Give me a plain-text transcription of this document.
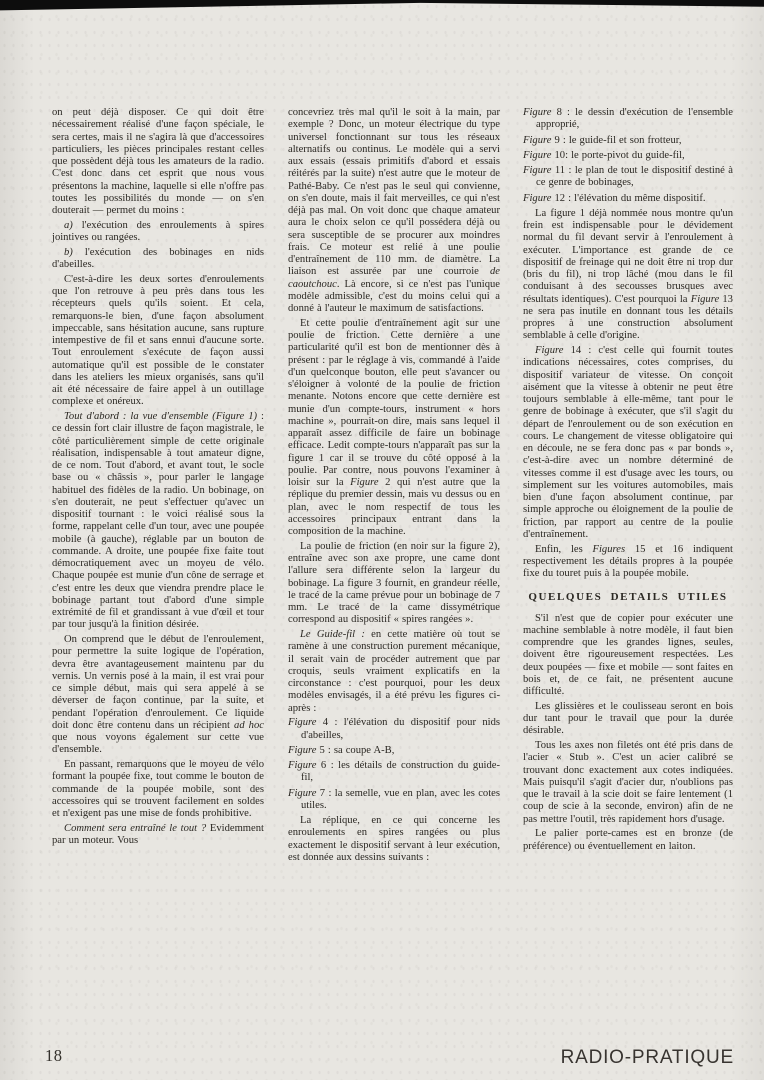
on peut déjà disposer. Ce qui doit être nécessairement réalisé d'une façon spéciale, le sera certes, mais il ne s'agira là que d'accessoires particuliers, les pièces principales restant celles que possèdent déjà tous les amateurs de la radio. C'est donc dans cet esprit que nous vous présentons la machine, laquelle si elle n'offre pas toutes les possibilités du monde — on s'en douterait — permet du moins :

a) l'exécution des enroulements à spires jointives ou rangées.

b) l'exécution des bobinages en nids d'abeilles.

C'est-à-dire les deux sortes d'enroulements que l'on retrouve à peu près dans tous les récepteurs quels qu'ils soient. Et cela, remarquons-le bien, d'une façon absolument impeccable, sans hésitation aucune, sans rupture intempestive de fil et sans ennui d'aucune sorte. Tout enroulement s'exécute de façon aussi automatique qu'il est possible de le constater dans les ateliers les mieux organisés, sans qu'il ait été nécessaire de faire appel à un outillage complexe et onéreux.

Tout d'abord : la vue d'ensemble (Figure 1) : ce dessin fort clair illustre de façon magistrale, le côté particulièrement simple de cette originale réalisation, indispensable à tout amateur digne, de ce nom. Tout d'abord, et avant tout, le socle base ou « châssis », pour parler le langage habituel des fidèles de la radio. Un bobinage, on s'en douterait, ne peut s'effectuer qu'avec un dispositif tournant : le voici réalisé sous la forme, rappelant celle d'un tour, avec une poupée mobile (à gauche), réglable par un bouton de commande. A droite, une poupée fixe faite tout démocratiquement avec un moyeu de vélo. Chaque poupée est munie d'un cône de serrage et c'est entre les deux que viendra prendre place le bobinage partant tout d'abord d'une simple extrémité de fil et grandissant à vue d'œil et tour par tour jusqu'à la finition désirée.

On comprend que le début de l'enroulement, pour permettre la suite logique de l'opération, devra être avantageusement maintenu par du vernis. Un vernis posé à la main, il est vrai pour ce simple début, mais qui sera appelé à se déverser de façon continue, par la suite, et pendant l'opération d'enroulement. Ce liquide doit donc être contenu dans un récipient ad hoc que nous voyons également sur cette vue d'ensemble.

En passant, remarquons que le moyeu de vélo formant la poupée fixe, tout comme le bouton de commande de la poupée mobile, sont des accessoires qui se trouvent facilement en soldes et n'exigent pas une mise de fonds prohibitive.

Comment sera entraîné le tout ? Evidemment par un moteur. Vous

concevriez très mal qu'il le soit à la main, par exemple ? Donc, un moteur électrique du type universel fonctionnant sur tous les réseaux alternatifs ou continus. Le modèle qui a servi aux essais (essais primitifs d'abord et essais réitérés par la suite) n'est autre que le moteur de Pathé-Baby. Ce n'est pas le seul qui convienne, on s'en doute, mais il fait merveilles, ce qui n'est déjà pas mal. On voit donc que chaque amateur aura le choix selon ce qu'il possédera déjà ou sera susceptible de se procurer aux moindres frais. Ce moteur est relié à une poulie d'entraînement de 110 mm. de diamètre. La liaison est assurée par une courroie de caoutchouc. Là encore, si ce n'est pas l'unique modèle admissible, c'est du moins celui qui a donné à l'auteur le maximum de satisfactions.

Et cette poulie d'entraînement agit sur une poulie de friction. Cette dernière a une particularité qu'il est bon de mentionner dès à présent : par le réglage à vis, commandé à l'aide d'un quelconque bouton, elle peut s'avancer ou s'éloigner à volonté de la poulie de friction menante. Notons encore que cette dernière est munie d'un compte-tours, instrument « hors machine », pourrait-on dire, mais sans lequel il apparaît assez difficile de faire un bobinage efficace. Ledit compte-tours n'apparaît pas sur la figure 1 car il se trouve du côté opposé à la poulie. Par contre, nous pouvons l'examiner à loisir sur la Figure 2 qui n'est autre que la réplique du premier dessin, mais vu dessus ou en plan, avec le nom respectif de tous les accessoires principaux entrant dans la composition de la machine.

La poulie de friction (en noir sur la figure 2), entraîne avec son axe propre, une came dont l'allure sera différente selon la largeur du bobinage. La figure 3 fournit, en grandeur réelle, le tracé de la came prévue pour un bobinage de 7 mm. Le tracé de la came dissymétrique correspond au dispositif « spires rangées ».

Le Guide-fil : en cette matière où tout se ramène à une construction purement mécanique, il serait vain de procéder autrement que par croquis, seuls vraiment explicatifs en la circonstance : c'est pourquoi, pour les deux modèles envisagés, il a été prévu les figures ci-après :

Figure 4 : l'élévation du dispositif pour nids d'abeilles,

Figure 5 : sa coupe A-B,

Figure 6 : les détails de construction du guide-fil,

Figure 7 : la semelle, vue en plan, avec les cotes utiles.

La réplique, en ce qui concerne les enroulements en spires rangées ou plus exactement le dispositif servant à leur exécution, est donnée aux dessins suivants :

Figure 8 : le dessin d'exécution de l'ensemble approprié,

Figure 9 : le guide-fil et son frotteur,

Figure 10: le porte-pivot du guide-fil,

Figure 11 : le plan de tout le dispositif destiné à ce genre de bobinages,

Figure 12 : l'élévation du même dispositif.

La figure 1 déjà nommée nous montre qu'un frein est indispensable pour le dévidement normal du fil devant servir à l'enroulement à exécuter. L'importance est grande de ce dispositif de freinage qui ne doit être ni trop dur (bris du fil), ni trop lâché (mou dans le fil conduisant à des secousses brusques avec résultats identiques). C'est pourquoi la Figure 13 ne sera pas inutile en donnant tous les détails propres à une construction absolument semblable à celle d'origine.

Figure 14 : c'est celle qui fournit toutes indications nécessaires, cotes comprises, du dispositif variateur de vitesse. On conçoit aisément que la vitesse à obtenir ne peut être toujours semblable à elle-même, tant pour le genre de bobinage à exécuter, que s'il s'agit du départ de l'enroulement ou de son exécution en cours. Le changement de vitesse obligatoire qui en découle, ne se fera donc pas « par bonds », c'est-à-dire avec un nombre déterminé de vitesses comme il est d'usage avec les tours, ou simplement sur les voitures automobiles, mais bien d'une façon absolument continue, par simple approche ou éloignement de la poulie de friction, par rapport au centre de la poulie d'entraînement.

Enfin, les Figures 15 et 16 indiquent respectivement les détails propres à la poupée fixe du touret puis à la poupée mobile.

QUELQUES DETAILS UTILES

S'il n'est que de copier pour exécuter une machine semblable à notre modèle, il faut bien comprendre que les grandes lignes, seules, doivent être rigoureusement respectées. Les deux poupées — fixe et mobile — sont faites en bois et, de ce fait, ne présentent aucune difficulté.

Les glissières et le coulisseau seront en bois dur tant pour le travail que pour la durée désirable.

Tous les axes non filetés ont été pris dans de l'acier « Stub ». C'est un acier calibré se trouvant donc exactement aux cotes indiquées. Mais puisqu'il s'agit d'acier dur, n'oublions pas que le travail à la scie doit se faire lentement (1 coup de scie à la seconde, environ) afin de ne pas mettre l'outil, très rapidement hors d'usage.

Le palier porte-cames est en bronze (de préférence) ou éventuellement en laiton.

18	RADIO-PRATIQUE
